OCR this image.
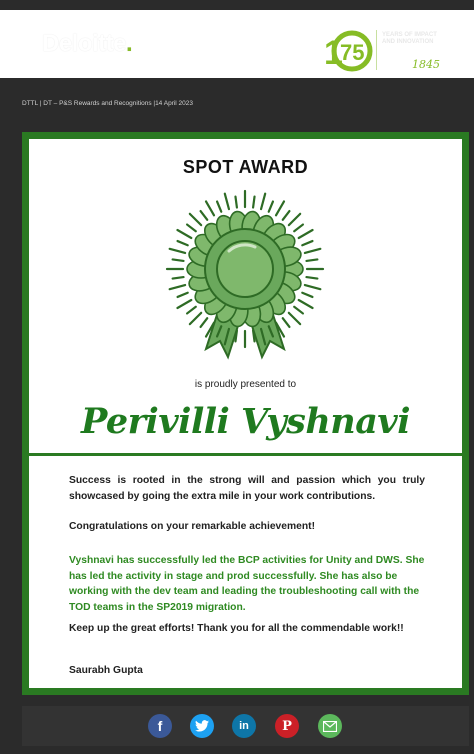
Deloitte.	1
75
YEARS OF IMPACT AND INNOVATION
1845
DTTL | DT – P&S Rewards and Recognitions |14 April 2023
SPOT AWARD
is proudly presented to
Perivilli Vyshnavi
Success is rooted in the strong will and passion which you truly showcased by going the extra mile in your work contributions.
Congratulations on your remarkable achievement!
Vyshnavi has successfully led the BCP activities for Unity and DWS. She has led the activity in stage and prod successfully. She has also be working with the dev team and leading the troubleshooting call with the TOD teams in the SP2019 migration.
Keep up the great efforts! Thank you for all the commendable work!!
Saurabh Gupta
f	in	P
